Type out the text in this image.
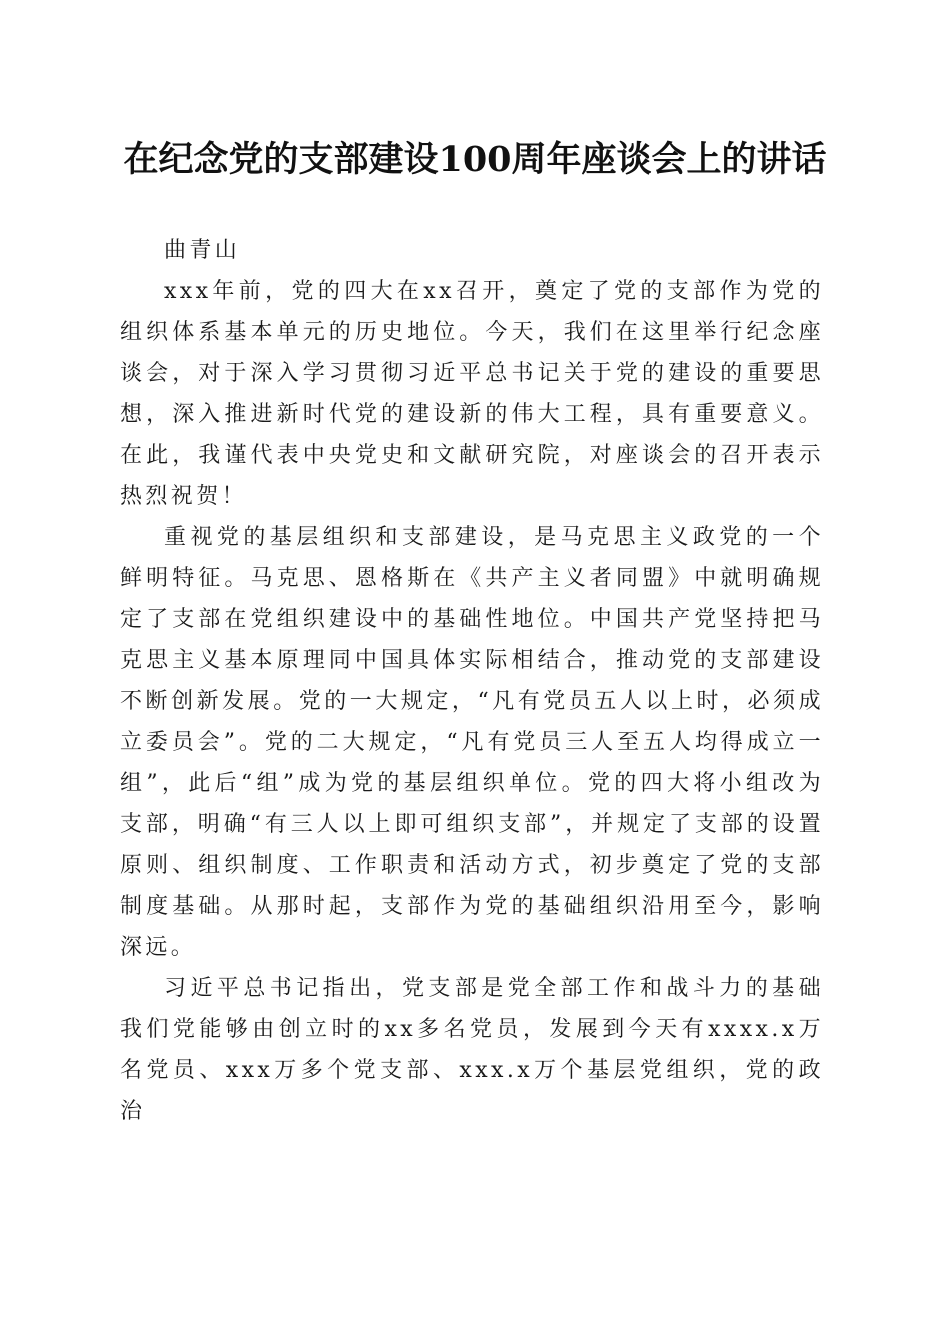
在纪念党的支部建设100周年座谈会上的讲话

曲青山

xxx年前，党的四大在xx召开，奠定了党的支部作为党的组织体系基本单元的历史地位。今天，我们在这里举行纪念座谈会，对于深入学习贯彻习近平总书记关于党的建设的重要思想，深入推进新时代党的建设新的伟大工程，具有重要意义。在此，我谨代表中央党史和文献研究院，对座谈会的召开表示热烈祝贺！

重视党的基层组织和支部建设，是马克思主义政党的一个鲜明特征。马克思、恩格斯在《共产主义者同盟》中就明确规定了支部在党组织建设中的基础性地位。中国共产党坚持把马克思主义基本原理同中国具体实际相结合，推动党的支部建设不断创新发展。党的一大规定，“凡有党员五人以上时，必须成立委员会”。党的二大规定，“凡有党员三人至五人均得成立一组”，此后“组”成为党的基层组织单位。党的四大将小组改为支部，明确“有三人以上即可组织支部”，并规定了支部的设置原则、组织制度、工作职责和活动方式，初步奠定了党的支部制度基础。从那时起，支部作为党的基础组织沿用至今，影响深远。

习近平总书记指出，党支部是党全部工作和战斗力的基础我们党能够由创立时的xx多名党员，发展到今天有xxxx.x万名党员、xxx万多个党支部、xxx.x万个基层党组织，党的政治
